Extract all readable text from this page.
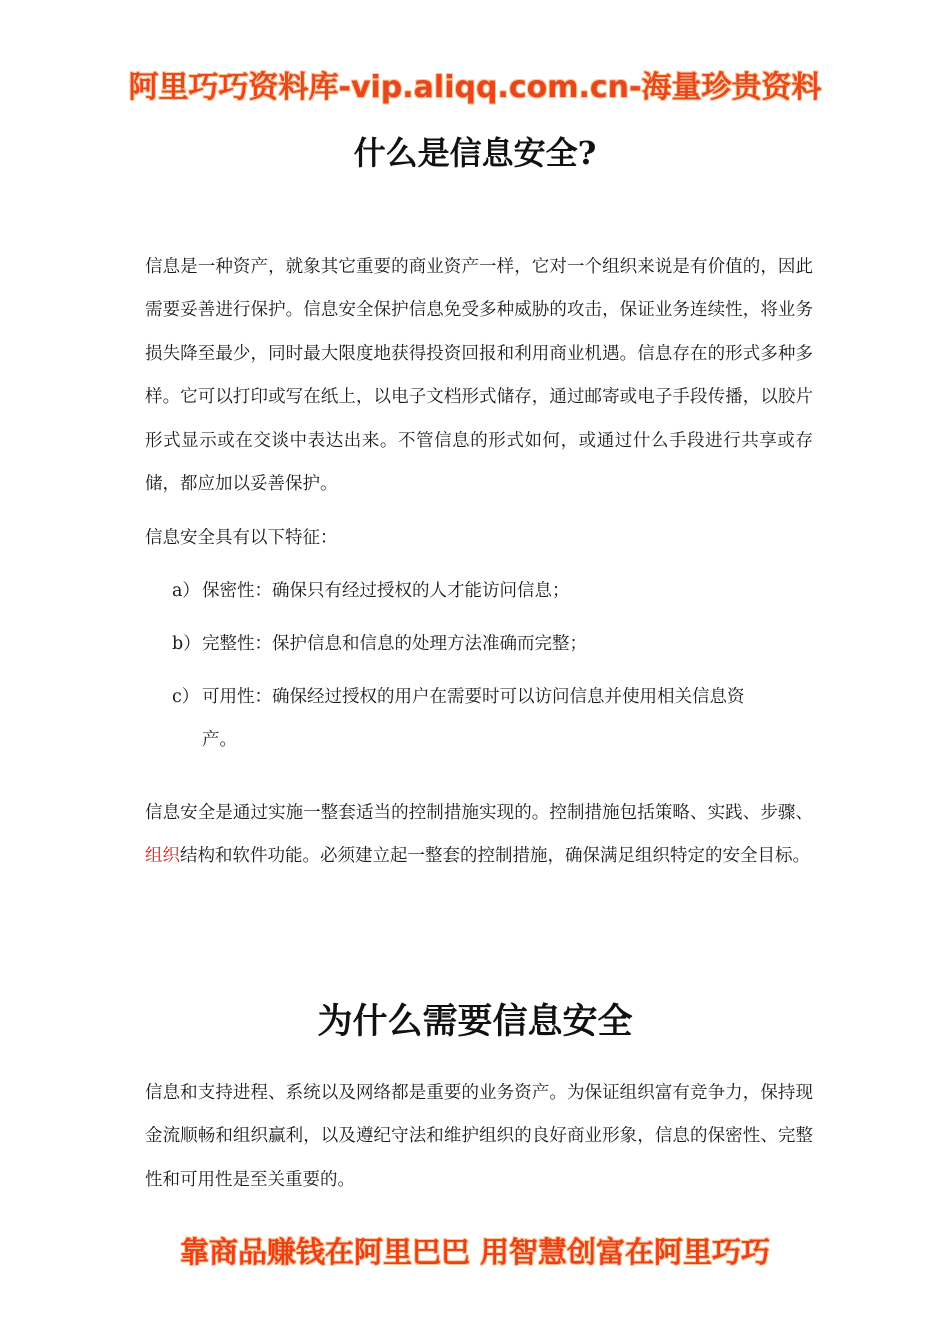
阿里巧巧资料库-vip.aliqq.com.cn-海量珍贵资料
什么是信息安全?

信息是一种资产，就象其它重要的商业资产一样，它对一个组织来说是有价值的，因此需要妥善进行保护。信息安全保护信息免受多种威胁的攻击，保证业务连续性，将业务损失降至最少，同时最大限度地获得投资回报和利用商业机遇。信息存在的形式多种多样。它可以打印或写在纸上，以电子文档形式储存，通过邮寄或电子手段传播，以胶片形式显示或在交谈中表达出来。不管信息的形式如何，或通过什么手段进行共享或存储，都应加以妥善保护。

信息安全具有以下特征：

a） 保密性：确保只有经过授权的人才能访问信息；

b）完整性：保护信息和信息的处理方法准确而完整；

c） 可用性：确保经过授权的用户在需要时可以访问信息并使用相关信息资
产。

信息安全是通过实施一整套适当的控制措施实现的。控制措施包括策略、实践、步骤、组织结构和软件功能。必须建立起一整套的控制措施，确保满足组织特定的安全目标。

为什么需要信息安全

信息和支持进程、系统以及网络都是重要的业务资产。为保证组织富有竞争力，保持现金流顺畅和组织赢利，以及遵纪守法和维护组织的良好商业形象，信息的保密性、完整性和可用性是至关重要的。

靠商品赚钱在阿里巴巴 用智慧创富在阿里巧巧
